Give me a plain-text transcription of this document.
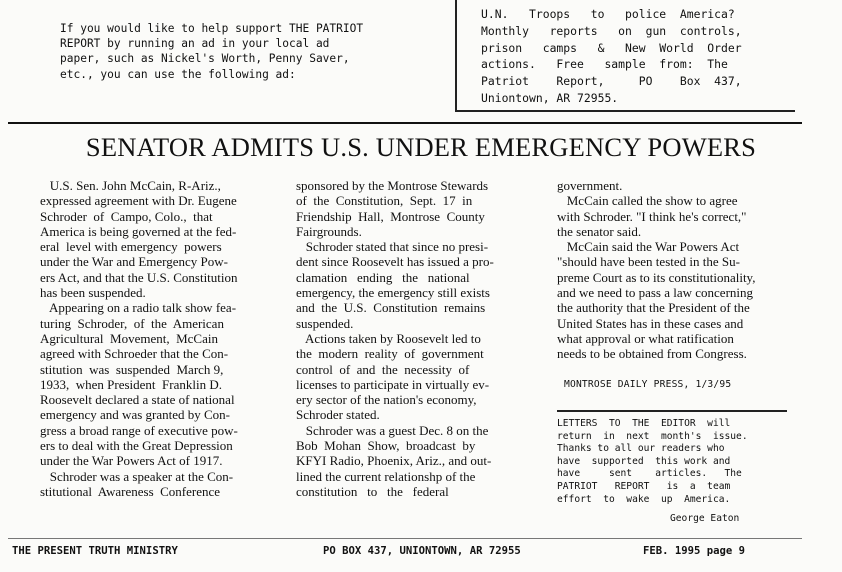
If you would like to help support THE PATRIOT
REPORT by running an ad in your local ad
paper, such as Nickel's Worth, Penny Saver,
etc., you can use the following ad:
U.N.   Troops   to   police  America?
Monthly   reports   on  gun  controls,
prison   camps   &   New  World  Order
actions.   Free   sample  from:  The
Patriot    Report,     PO    Box  437,
Uniontown, AR 72955.
SENATOR ADMITS U.S. UNDER EMERGENCY POWERS
U.S. Sen. John McCain, R-Ariz.,
expressed agreement with Dr. Eugene
Schroder  of  Campo, Colo.,  that
America is being governed at the fed-
eral  level with emergency  powers
under the War and Emergency Pow-
ers Act, and that the U.S. Constitution
has been suspended.
Appearing on a radio talk show fea-
turing  Schroder,  of  the  American
Agricultural  Movement,  McCain
agreed with Schroeder that the Con-
stitution  was  suspended  March 9,
1933,  when President  Franklin D.
Roosevelt declared a state of national
emergency and was granted by Con-
gress a broad range of executive pow-
ers to deal with the Great Depression
under the War Powers Act of 1917.
Schroder was a speaker at the Con-
stitutional  Awareness  Conference
sponsored by the Montrose Stewards
of  the  Constitution,  Sept.  17  in
Friendship  Hall,  Montrose  County
Fairgrounds.
Schroder stated that since no presi-
dent since Roosevelt has issued a pro-
clamation   ending   the   national
emergency, the emergency still exists
and  the  U.S.  Constitution  remains
suspended.
Actions taken by Roosevelt led to
the  modern  reality  of  government
control  of  and  the  necessity  of
licenses to participate in virtually ev-
ery sector of the nation's economy,
Schroder stated.
Schroder was a guest Dec. 8 on the
Bob  Mohan  Show,  broadcast  by
KFYI Radio, Phoenix, Ariz., and out-
lined the current relationshp of the
constitution   to   the   federal
government.
McCain called the show to agree
with Schroder. "I think he's correct,"
the senator said.
McCain said the War Powers Act
"should have been tested in the Su-
preme Court as to its constitutionality,
and we need to pass a law concerning
the authority that the President of the
United States has in these cases and
what approval or what ratification
needs to be obtained from Congress.
MONTROSE DAILY PRESS, 1/3/95
LETTERS  TO  THE  EDITOR  will
return  in  next  month's  issue.
Thanks to all our readers who
have  supported  this work and
have     sent    articles.   The
PATRIOT   REPORT   is  a  team
effort  to  wake  up  America.
George Eaton
THE PRESENT TRUTH MINISTRY	PO BOX 437, UNIONTOWN, AR 72955	FEB. 1995 page 9
